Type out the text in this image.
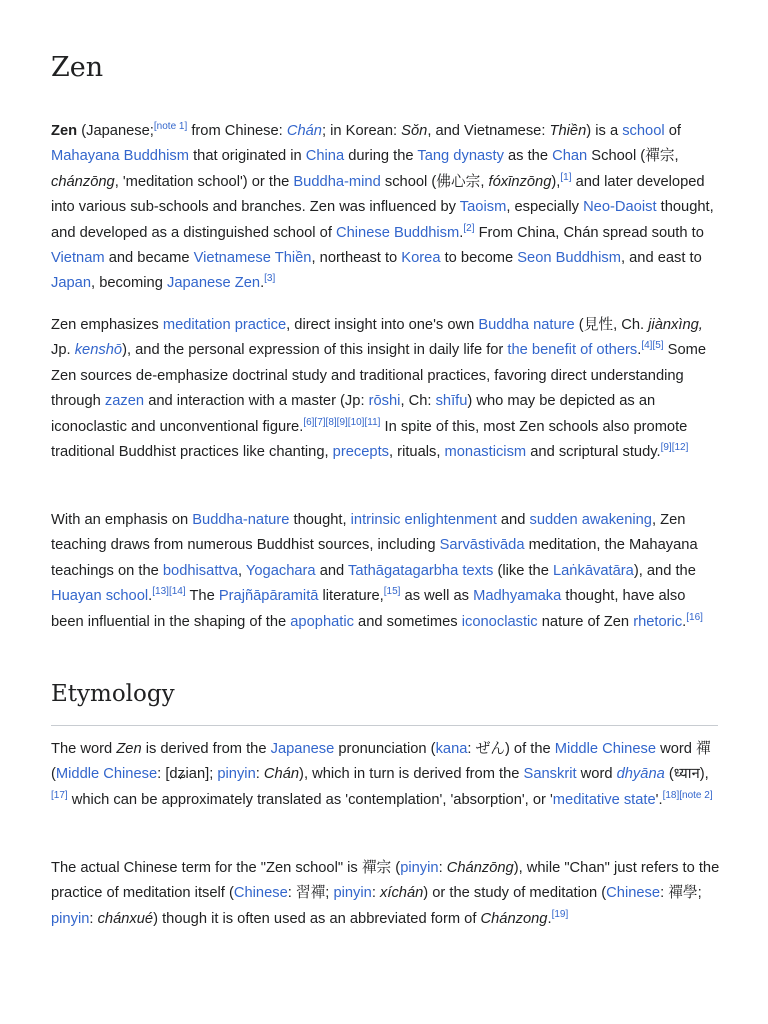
Zen

Zen (Japanese;[note 1] from Chinese: Chán; in Korean: Sŏn, and Vietnamese: Thiền) is a school of Mahayana Buddhism that originated in China during the Tang dynasty as the Chan School (禪宗, chánzōng, 'meditation school') or the Buddha-mind school (佛心宗, fóxīnzōng),[1] and later developed into various sub-schools and branches. Zen was influenced by Taoism, especially Neo-Daoist thought, and developed as a distinguished school of Chinese Buddhism.[2] From China, Chán spread south to Vietnam and became Vietnamese Thiền, northeast to Korea to become Seon Buddhism, and east to Japan, becoming Japanese Zen.[3]

Zen emphasizes meditation practice, direct insight into one's own Buddha nature (見性, Ch. jiànxìng, Jp. kenshō), and the personal expression of this insight in daily life for the benefit of others.[4][5] Some Zen sources de-emphasize doctrinal study and traditional practices, favoring direct understanding through zazen and interaction with a master (Jp: rōshi, Ch: shīfu) who may be depicted as an iconoclastic and unconventional figure.[6][7][8][9][10][11] In spite of this, most Zen schools also promote traditional Buddhist practices like chanting, precepts, rituals, monasticism and scriptural study.[9][12]

With an emphasis on Buddha-nature thought, intrinsic enlightenment and sudden awakening, Zen teaching draws from numerous Buddhist sources, including Sarvāstivāda meditation, the Mahayana teachings on the bodhisattva, Yogachara and Tathāgatagarbha texts (like the Laṅkāvatāra), and the Huayan school.[13][14] The Prajñāpāramitā literature,[15] as well as Madhyamaka thought, have also been influential in the shaping of the apophatic and sometimes iconoclastic nature of Zen rhetoric.[16]

Etymology

The word Zen is derived from the Japanese pronunciation (kana: ぜん) of the Middle Chinese word 禪 (Middle Chinese: [dʑian]; pinyin: Chán), which in turn is derived from the Sanskrit word dhyāna (ध्यान),[17] which can be approximately translated as 'contemplation', 'absorption', or 'meditative state'.[18][note 2]

The actual Chinese term for the "Zen school" is 禪宗 (pinyin: Chánzōng), while "Chan" just refers to the practice of meditation itself (Chinese: 習禪; pinyin: xíchán) or the study of meditation (Chinese: 禪學; pinyin: chánxué) though it is often used as an abbreviated form of Chánzong.[19]
